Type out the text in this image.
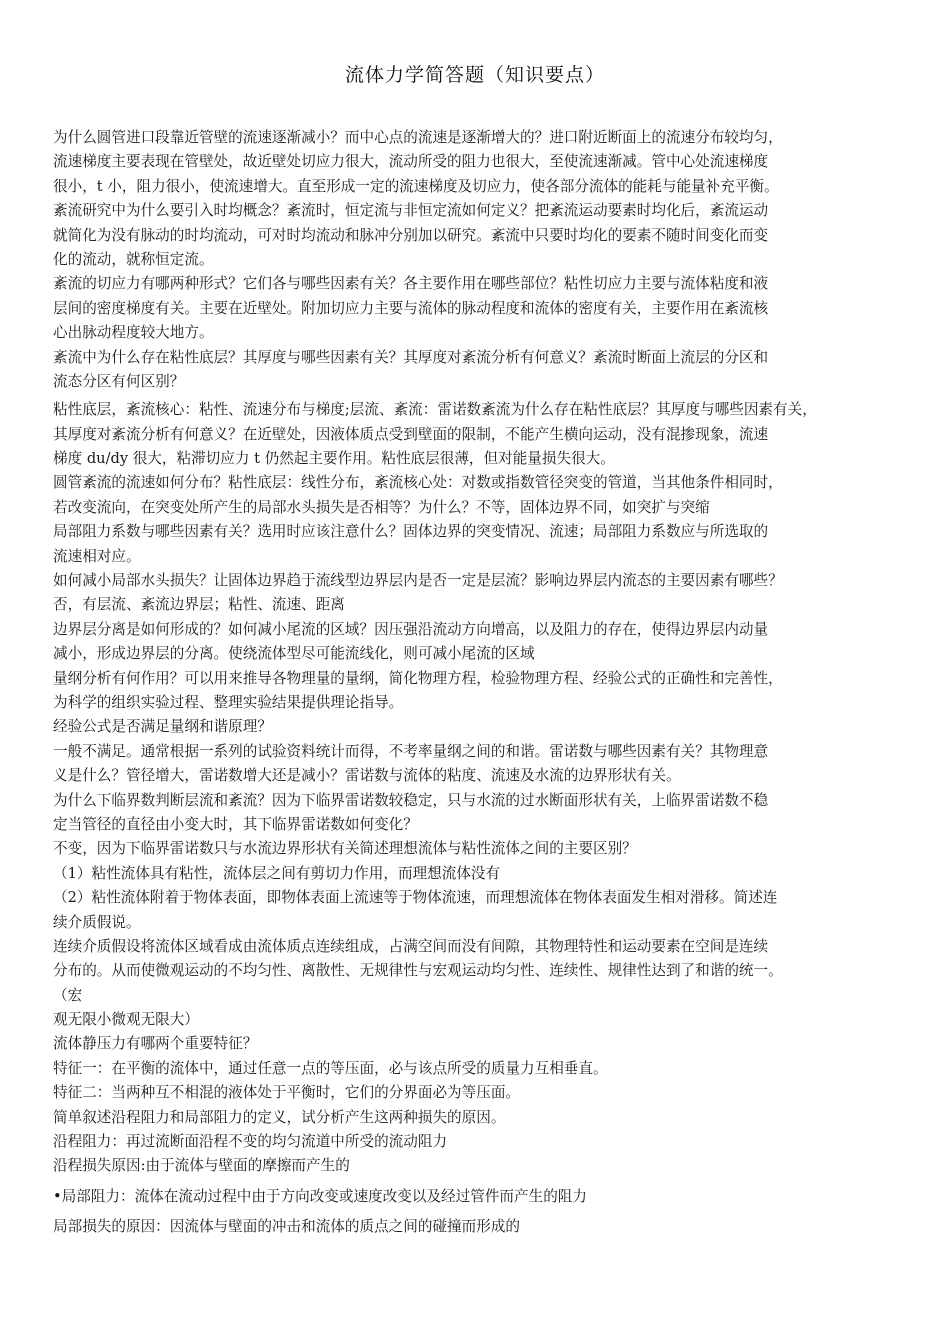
流体力学简答题（知识要点）
为什么圆管进口段靠近管壁的流速逐渐减小？而中心点的流速是逐渐增大的？进口附近断面上的流速分布较均匀，
流速梯度主要表现在管壁处，故近壁处切应力很大，流动所受的阻力也很大，至使流速渐减。管中心处流速梯度
很小，t 小，阻力很小，使流速增大。直至形成一定的流速梯度及切应力，使各部分流体的能耗与能量补充平衡。
紊流研究中为什么要引入时均概念？紊流时，恒定流与非恒定流如何定义？把紊流运动要素时均化后，紊流运动
就简化为没有脉动的时均流动，可对时均流动和脉冲分别加以研究。紊流中只要时均化的要素不随时间变化而变
化的流动，就称恒定流。
紊流的切应力有哪两种形式？它们各与哪些因素有关？各主要作用在哪些部位？粘性切应力主要与流体粘度和液
层间的密度梯度有关。主要在近壁处。附加切应力主要与流体的脉动程度和流体的密度有关，主要作用在紊流核
心出脉动程度较大地方。
紊流中为什么存在粘性底层？其厚度与哪些因素有关？其厚度对紊流分析有何意义？紊流时断面上流层的分区和
流态分区有何区别？
粘性底层，紊流核心：粘性、流速分布与梯度;层流、紊流：雷诺数紊流为什么存在粘性底层？其厚度与哪些因素有关，
其厚度对紊流分析有何意义？在近壁处，因液体质点受到壁面的限制，不能产生横向运动，没有混掺现象，流速
梯度 du/dy 很大，粘滞切应力 t 仍然起主要作用。粘性底层很薄，但对能量损失很大。
圆管紊流的流速如何分布？粘性底层：线性分布，紊流核心处：对数或指数管径突变的管道，当其他条件相同时，
若改变流向，在突变处所产生的局部水头损失是否相等？为什么？不等，固体边界不同，如突扩与突缩
局部阻力系数与哪些因素有关？选用时应该注意什么？固体边界的突变情况、流速；局部阻力系数应与所选取的
流速相对应。
如何减小局部水头损失？让固体边界趋于流线型边界层内是否一定是层流？影响边界层内流态的主要因素有哪些？
否，有层流、紊流边界层；粘性、流速、距离
边界层分离是如何形成的？如何减小尾流的区域？因压强沿流动方向增高，以及阻力的存在，使得边界层内动量
减小，形成边界层的分离。使绕流体型尽可能流线化，则可减小尾流的区域
量纲分析有何作用？可以用来推导各物理量的量纲，简化物理方程，检验物理方程、经验公式的正确性和完善性，
为科学的组织实验过程、整理实验结果提供理论指导。
经验公式是否满足量纲和谐原理？
一般不满足。通常根据一系列的试验资料统计而得，不考率量纲之间的和谐。雷诺数与哪些因素有关？其物理意
义是什么？管径增大，雷诺数增大还是减小？雷诺数与流体的粘度、流速及水流的边界形状有关。
为什么下临界数判断层流和紊流？因为下临界雷诺数较稳定，只与水流的过水断面形状有关，上临界雷诺数不稳
定当管径的直径由小变大时，其下临界雷诺数如何变化？
不变，因为下临界雷诺数只与水流边界形状有关简述理想流体与粘性流体之间的主要区别？
（1）粘性流体具有粘性，流体层之间有剪切力作用，而理想流体没有
（2）粘性流体附着于物体表面，即物体表面上流速等于物体流速，而理想流体在物体表面发生相对滑移。简述连
续介质假说。
连续介质假设将流体区域看成由流体质点连续组成，占满空间而没有间隙，其物理特性和运动要素在空间是连续
分布的。从而使微观运动的不均匀性、离散性、无规律性与宏观运动均匀性、连续性、规律性达到了和谐的统一。
（宏
观无限小微观无限大）
流体静压力有哪两个重要特征？
特征一：在平衡的流体中，通过任意一点的等压面，必与该点所受的质量力互相垂直。
特征二：当两种互不相混的液体处于平衡时，它们的分界面必为等压面。
简单叙述沿程阻力和局部阻力的定义，试分析产生这两种损失的原因。
沿程阻力：再过流断面沿程不变的均匀流道中所受的流动阻力
沿程损失原因:由于流体与壁面的摩擦而产生的
•局部阻力：流体在流动过程中由于方向改变或速度改变以及经过管件而产生的阻力
局部损失的原因：因流体与壁面的冲击和流体的质点之间的碰撞而形成的
